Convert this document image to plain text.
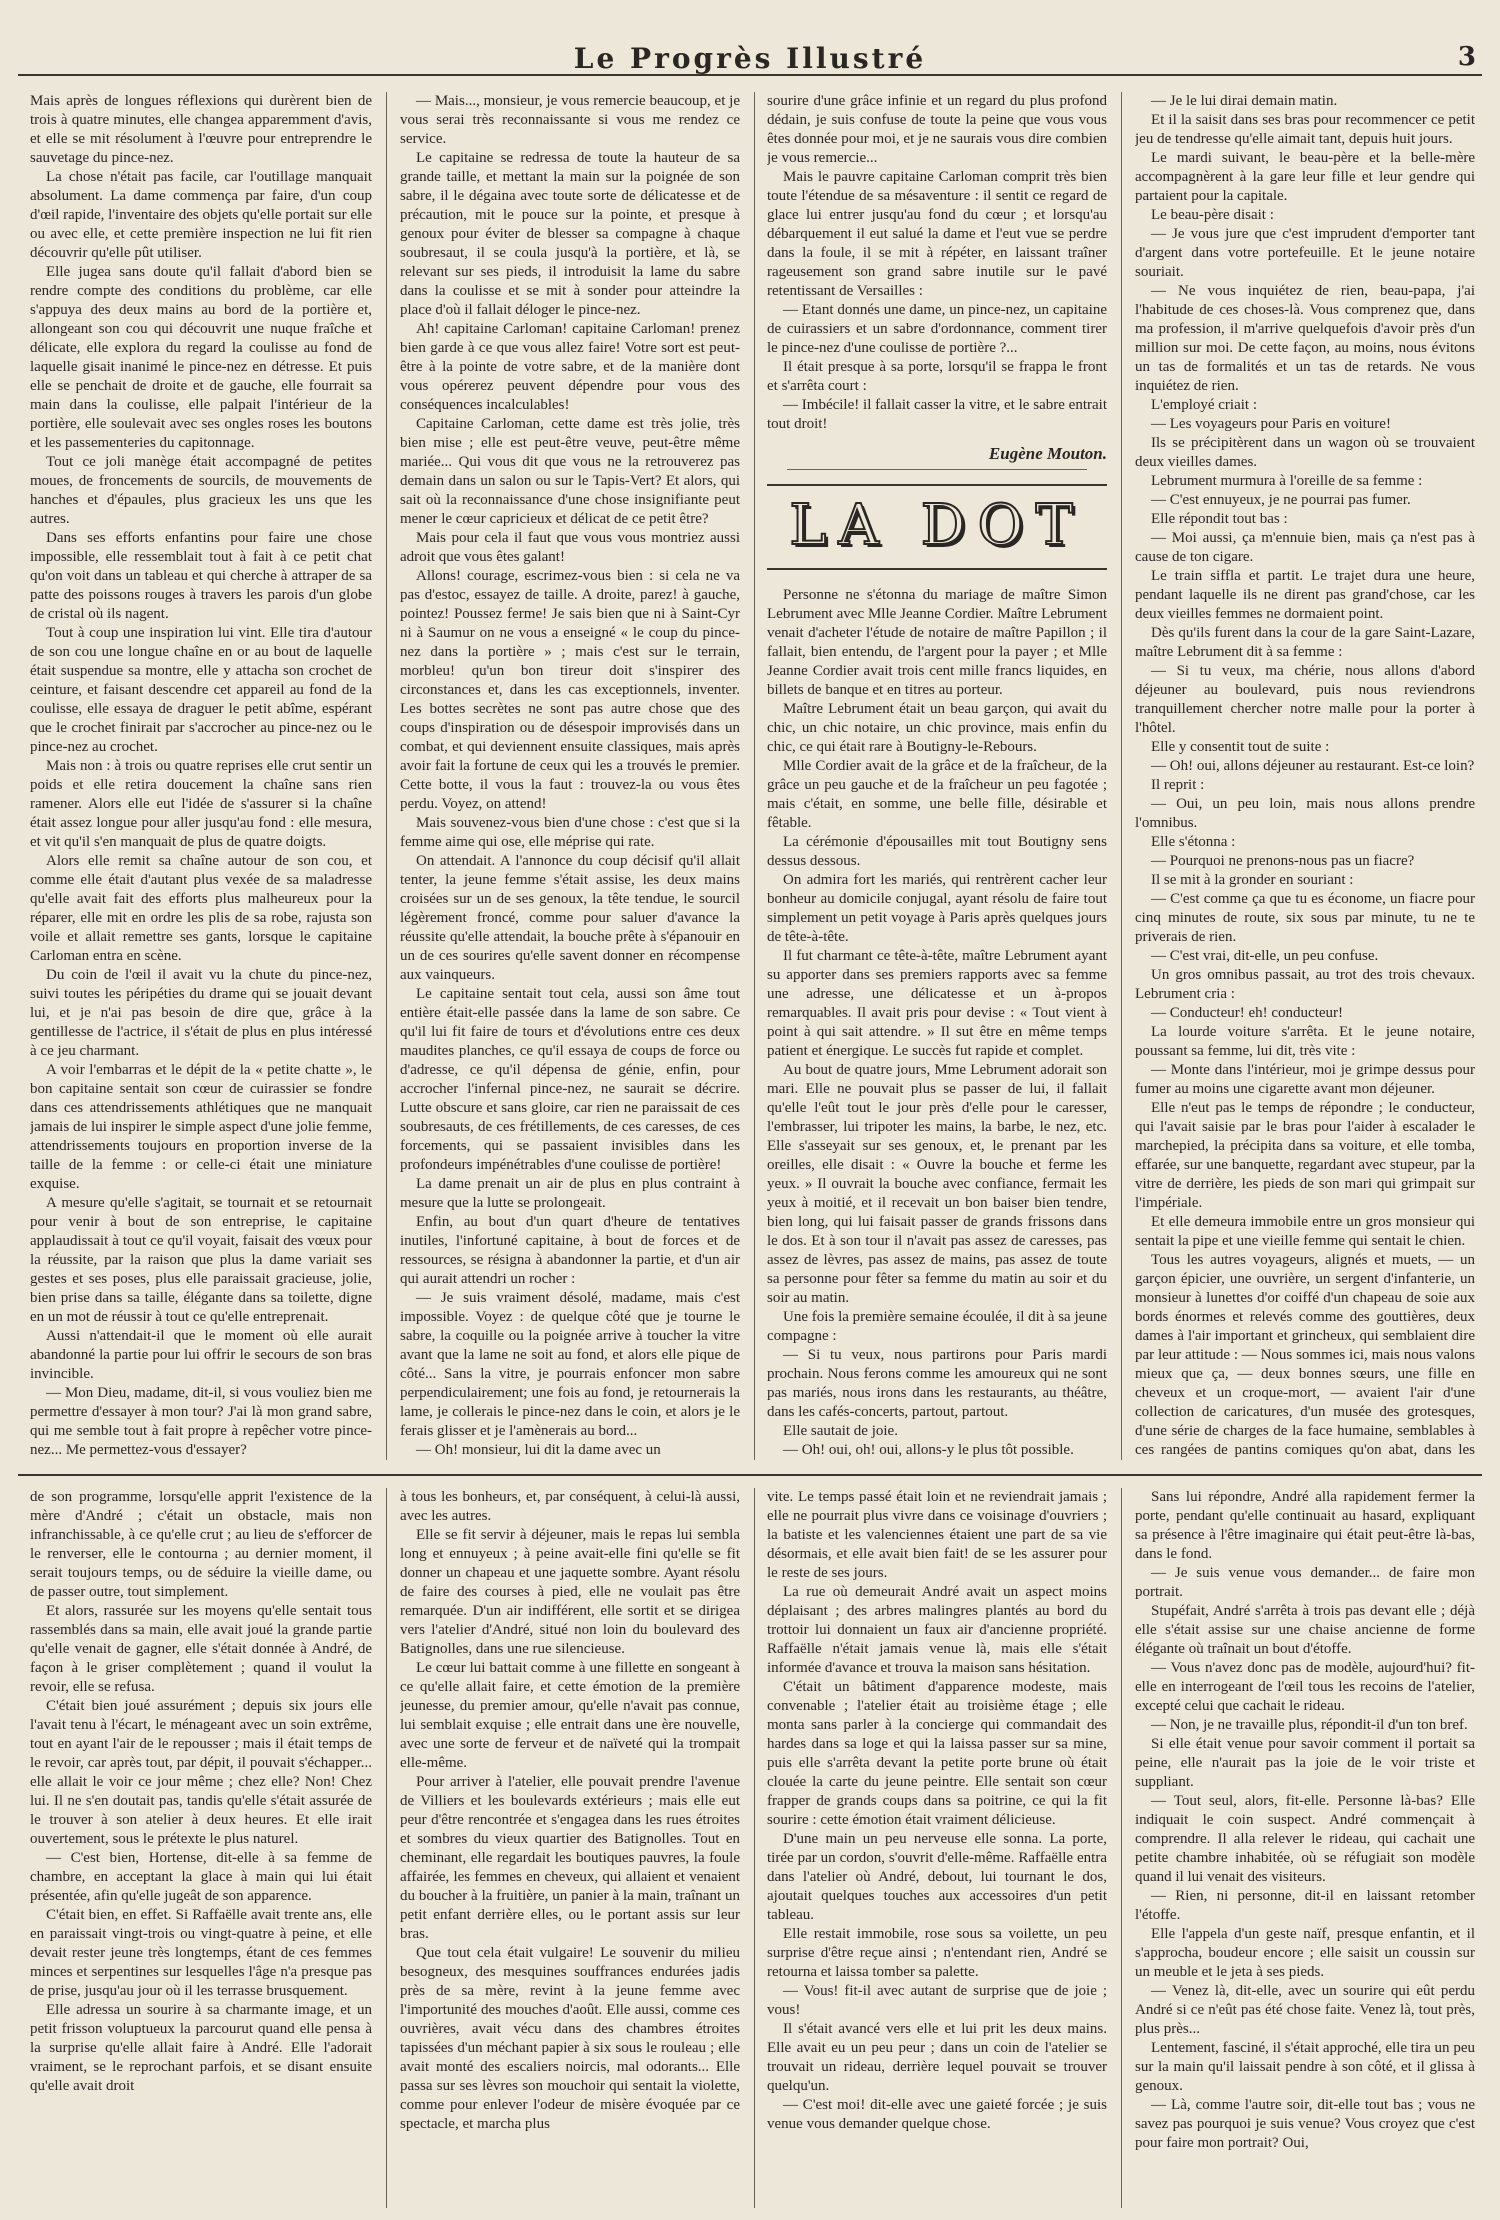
Le Progrès Illustré	3

Mais après de longues réflexions qui durèrent bien de trois à quatre minutes, elle changea apparemment d'avis, et elle se mit résolument à l'œuvre pour entreprendre le sauvetage du pince-nez.

La chose n'était pas facile, car l'outillage manquait absolument. La dame commença par faire, d'un coup d'œil rapide, l'inventaire des objets qu'elle portait sur elle ou avec elle, et cette première inspection ne lui fit rien découvrir qu'elle pût utiliser.

Elle jugea sans doute qu'il fallait d'abord bien se rendre compte des conditions du problème, car elle s'appuya des deux mains au bord de la portière et, allongeant son cou qui découvrit une nuque fraîche et délicate, elle explora du regard la coulisse au fond de laquelle gisait inanimé le pince-nez en détresse. Et puis elle se penchait de droite et de gauche, elle fourrait sa main dans la coulisse, elle palpait l'intérieur de la portière, elle soulevait avec ses ongles roses les boutons et les passementeries du capitonnage.

Tout ce joli manège était accompagné de petites moues, de froncements de sourcils, de mouvements de hanches et d'épaules, plus gracieux les uns que les autres.

Dans ses efforts enfantins pour faire une chose impossible, elle ressemblait tout à fait à ce petit chat qu'on voit dans un tableau et qui cherche à attraper de sa patte des poissons rouges à travers les parois d'un globe de cristal où ils nagent.

Tout à coup une inspiration lui vint. Elle tira d'autour de son cou une longue chaîne en or au bout de laquelle était suspendue sa montre, elle y attacha son crochet de ceinture, et faisant descendre cet appareil au fond de la coulisse, elle essaya de draguer le petit abîme, espérant que le crochet finirait par s'accrocher au pince-nez ou le pince-nez au crochet.

Mais non : à trois ou quatre reprises elle crut sentir un poids et elle retira doucement la chaîne sans rien ramener. Alors elle eut l'idée de s'assurer si la chaîne était assez longue pour aller jusqu'au fond : elle mesura, et vit qu'il s'en manquait de plus de quatre doigts.

Alors elle remit sa chaîne autour de son cou, et comme elle était d'autant plus vexée de sa maladresse qu'elle avait fait des efforts plus malheureux pour la réparer, elle mit en ordre les plis de sa robe, rajusta son voile et allait remettre ses gants, lorsque le capitaine Carloman entra en scène.

Du coin de l'œil il avait vu la chute du pince-nez, suivi toutes les péripéties du drame qui se jouait devant lui, et je n'ai pas besoin de dire que, grâce à la gentillesse de l'actrice, il s'était de plus en plus intéressé à ce jeu charmant.

A voir l'embarras et le dépit de la « petite chatte », le bon capitaine sentait son cœur de cuirassier se fondre dans ces attendrissements athlétiques que ne manquait jamais de lui inspirer le simple aspect d'une jolie femme, attendrissements toujours en proportion inverse de la taille de la femme : or celle-ci était une miniature exquise.

A mesure qu'elle s'agitait, se tournait et se retournait pour venir à bout de son entreprise, le capitaine applaudissait à tout ce qu'il voyait, faisait des vœux pour la réussite, par la raison que plus la dame variait ses gestes et ses poses, plus elle paraissait gracieuse, jolie, bien prise dans sa taille, élégante dans sa toilette, digne en un mot de réussir à tout ce qu'elle entreprenait.

Aussi n'attendait-il que le moment où elle aurait abandonné la partie pour lui offrir le secours de son bras invincible.

— Mon Dieu, madame, dit-il, si vous vouliez bien me permettre d'essayer à mon tour? J'ai là mon grand sabre, qui me semble tout à fait propre à repêcher votre pince-nez... Me permettez-vous d'essayer?

— Mais..., monsieur, je vous remercie beaucoup, et je vous serai très reconnaissante si vous me rendez ce service.

Le capitaine se redressa de toute la hauteur de sa grande taille, et mettant la main sur la poignée de son sabre, il le dégaina avec toute sorte de délicatesse et de précaution, mit le pouce sur la pointe, et presque à genoux pour éviter de blesser sa compagne à chaque soubresaut, il se coula jusqu'à la portière, et là, se relevant sur ses pieds, il introduisit la lame du sabre dans la coulisse et se mit à sonder pour atteindre la place d'où il fallait déloger le pince-nez.

Ah! capitaine Carloman! capitaine Carloman! prenez bien garde à ce que vous allez faire! Votre sort est peut-être à la pointe de votre sabre, et de la manière dont vous opérerez peuvent dépendre pour vous des conséquences incalculables!

Capitaine Carloman, cette dame est très jolie, très bien mise ; elle est peut-être veuve, peut-être même mariée... Qui vous dit que vous ne la retrouverez pas demain dans un salon ou sur le Tapis-Vert? Et alors, qui sait où la reconnaissance d'une chose insignifiante peut mener le cœur capricieux et délicat de ce petit être?

Mais pour cela il faut que vous vous montriez aussi adroit que vous êtes galant!

Allons! courage, escrimez-vous bien : si cela ne va pas d'estoc, essayez de taille. A droite, parez! à gauche, pointez! Poussez ferme! Je sais bien que ni à Saint-Cyr ni à Saumur on ne vous a enseigné « le coup du pince-nez dans la portière » ; mais c'est sur le terrain, morbleu! qu'un bon tireur doit s'inspirer des circonstances et, dans les cas exceptionnels, inventer. Les bottes secrètes ne sont pas autre chose que des coups d'inspiration ou de désespoir improvisés dans un combat, et qui deviennent ensuite classiques, mais après avoir fait la fortune de ceux qui les a trouvés le premier. Cette botte, il vous la faut : trouvez-la ou vous êtes perdu. Voyez, on attend!

Mais souvenez-vous bien d'une chose : c'est que si la femme aime qui ose, elle méprise qui rate.

On attendait. A l'annonce du coup décisif qu'il allait tenter, la jeune femme s'était assise, les deux mains croisées sur un de ses genoux, la tête tendue, le sourcil légèrement froncé, comme pour saluer d'avance la réussite qu'elle attendait, la bouche prête à s'épanouir en un de ces sourires qu'elle savent donner en récompense aux vainqueurs.

Le capitaine sentait tout cela, aussi son âme tout entière était-elle passée dans la lame de son sabre. Ce qu'il lui fit faire de tours et d'évolutions entre ces deux maudites planches, ce qu'il essaya de coups de force ou d'adresse, ce qu'il dépensa de génie, enfin, pour accrocher l'infernal pince-nez, ne saurait se décrire. Lutte obscure et sans gloire, car rien ne paraissait de ces soubresauts, de ces frétillements, de ces caresses, de ces forcements, qui se passaient invisibles dans les profondeurs impénétrables d'une coulisse de portière!

La dame prenait un air de plus en plus contraint à mesure que la lutte se prolongeait.

Enfin, au bout d'un quart d'heure de tentatives inutiles, l'infortuné capitaine, à bout de forces et de ressources, se résigna à abandonner la partie, et d'un air qui aurait attendri un rocher :

— Je suis vraiment désolé, madame, mais c'est impossible. Voyez : de quelque côté que je tourne le sabre, la coquille ou la poignée arrive à toucher la vitre avant que la lame ne soit au fond, et alors elle pique de côté... Sans la vitre, je pourrais enfoncer mon sabre perpendiculairement; une fois au fond, je retournerais la lame, je collerais le pince-nez dans le coin, et alors je le ferais glisser et je l'amènerais au bord...

— Oh! monsieur, lui dit la dame avec un

sourire d'une grâce infinie et un regard du plus profond dédain, je suis confuse de toute la peine que vous vous êtes donnée pour moi, et je ne saurais vous dire combien je vous remercie...

Mais le pauvre capitaine Carloman comprit très bien toute l'étendue de sa mésaventure : il sentit ce regard de glace lui entrer jusqu'au fond du cœur ; et lorsqu'au débarquement il eut salué la dame et l'eut vue se perdre dans la foule, il se mit à répéter, en laissant traîner rageusement son grand sabre inutile sur le pavé retentissant de Versailles :

— Etant donnés une dame, un pince-nez, un capitaine de cuirassiers et un sabre d'ordonnance, comment tirer le pince-nez d'une coulisse de portière ?...

Il était presque à sa porte, lorsqu'il se frappa le front et s'arrêta court :

— Imbécile! il fallait casser la vitre, et le sabre entrait tout droit!

Eugène Mouton.
LA DOT

Personne ne s'étonna du mariage de maître Simon Lebrument avec Mlle Jeanne Cordier. Maître Lebrument venait d'acheter l'étude de notaire de maître Papillon ; il fallait, bien entendu, de l'argent pour la payer ; et Mlle Jeanne Cordier avait trois cent mille francs liquides, en billets de banque et en titres au porteur.

Maître Lebrument était un beau garçon, qui avait du chic, un chic notaire, un chic province, mais enfin du chic, ce qui était rare à Boutigny-le-Rebours.

Mlle Cordier avait de la grâce et de la fraîcheur, de la grâce un peu gauche et de la fraîcheur un peu fagotée ; mais c'était, en somme, une belle fille, désirable et fêtable.

La cérémonie d'épousailles mit tout Boutigny sens dessus dessous.

On admira fort les mariés, qui rentrèrent cacher leur bonheur au domicile conjugal, ayant résolu de faire tout simplement un petit voyage à Paris après quelques jours de tête-à-tête.

Il fut charmant ce tête-à-tête, maître Lebrument ayant su apporter dans ses premiers rapports avec sa femme une adresse, une délicatesse et un à-propos remarquables. Il avait pris pour devise : « Tout vient à point à qui sait attendre. » Il sut être en même temps patient et énergique. Le succès fut rapide et complet.

Au bout de quatre jours, Mme Lebrument adorait son mari. Elle ne pouvait plus se passer de lui, il fallait qu'elle l'eût tout le jour près d'elle pour le caresser, l'embrasser, lui tripoter les mains, la barbe, le nez, etc. Elle s'asseyait sur ses genoux, et, le prenant par les oreilles, elle disait : « Ouvre la bouche et ferme les yeux. » Il ouvrait la bouche avec confiance, fermait les yeux à moitié, et il recevait un bon baiser bien tendre, bien long, qui lui faisait passer de grands frissons dans le dos. Et à son tour il n'avait pas assez de caresses, pas assez de lèvres, pas assez de mains, pas assez de toute sa personne pour fêter sa femme du matin au soir et du soir au matin.

Une fois la première semaine écoulée, il dit à sa jeune compagne :

— Si tu veux, nous partirons pour Paris mardi prochain. Nous ferons comme les amoureux qui ne sont pas mariés, nous irons dans les restaurants, au théâtre, dans les cafés-concerts, partout, partout.

Elle sautait de joie.

— Oh! oui, oh! oui, allons-y le plus tôt possible.

— Je le lui dirai demain matin.

Et il la saisit dans ses bras pour recommencer ce petit jeu de tendresse qu'elle aimait tant, depuis huit jours.

Le mardi suivant, le beau-père et la belle-mère accompagnèrent à la gare leur fille et leur gendre qui partaient pour la capitale.

Le beau-père disait :

— Je vous jure que c'est imprudent d'emporter tant d'argent dans votre portefeuille. Et le jeune notaire souriait.

— Ne vous inquiétez de rien, beau-papa, j'ai l'habitude de ces choses-là. Vous comprenez que, dans ma profession, il m'arrive quelquefois d'avoir près d'un million sur moi. De cette façon, au moins, nous évitons un tas de formalités et un tas de retards. Ne vous inquiétez de rien.

L'employé criait :

— Les voyageurs pour Paris en voiture!

Ils se précipitèrent dans un wagon où se trouvaient deux vieilles dames.

Lebrument murmura à l'oreille de sa femme :

— C'est ennuyeux, je ne pourrai pas fumer.

Elle répondit tout bas :

— Moi aussi, ça m'ennuie bien, mais ça n'est pas à cause de ton cigare.

Le train siffla et partit. Le trajet dura une heure, pendant laquelle ils ne dirent pas grand'chose, car les deux vieilles femmes ne dormaient point.

Dès qu'ils furent dans la cour de la gare Saint-Lazare, maître Lebrument dit à sa femme :

— Si tu veux, ma chérie, nous allons d'abord déjeuner au boulevard, puis nous reviendrons tranquillement chercher notre malle pour la porter à l'hôtel.

Elle y consentit tout de suite :

— Oh! oui, allons déjeuner au restaurant. Est-ce loin?

Il reprit :

— Oui, un peu loin, mais nous allons prendre l'omnibus.

Elle s'étonna :

— Pourquoi ne prenons-nous pas un fiacre?

Il se mit à la gronder en souriant :

— C'est comme ça que tu es économe, un fiacre pour cinq minutes de route, six sous par minute, tu ne te priverais de rien.

— C'est vrai, dit-elle, un peu confuse.

Un gros omnibus passait, au trot des trois chevaux. Lebrument cria :

— Conducteur! eh! conducteur!

La lourde voiture s'arrêta. Et le jeune notaire, poussant sa femme, lui dit, très vite :

— Monte dans l'intérieur, moi je grimpe dessus pour fumer au moins une cigarette avant mon déjeuner.

Elle n'eut pas le temps de répondre ; le conducteur, qui l'avait saisie par le bras pour l'aider à escalader le marchepied, la précipita dans sa voiture, et elle tomba, effarée, sur une banquette, regardant avec stupeur, par la vitre de derrière, les pieds de son mari qui grimpait sur l'impériale.

Et elle demeura immobile entre un gros monsieur qui sentait la pipe et une vieille femme qui sentait le chien.

Tous les autres voyageurs, alignés et muets, — un garçon épicier, une ouvrière, un sergent d'infanterie, un monsieur à lunettes d'or coiffé d'un chapeau de soie aux bords énormes et relevés comme des gouttières, deux dames à l'air important et grincheux, qui semblaient dire par leur attitude : — Nous sommes ici, mais nous valons mieux que ça, — deux bonnes sœurs, une fille en cheveux et un croque-mort, — avaient l'air d'une collection de caricatures, d'un musée des grotesques, d'une série de charges de la face humaine, semblables à ces rangées de pantins comiques qu'on abat, dans les

de son programme, lorsqu'elle apprit l'existence de la mère d'André ; c'était un obstacle, mais non infranchissable, à ce qu'elle crut ; au lieu de s'efforcer de le renverser, elle le contourna ; au dernier moment, il serait toujours temps, ou de séduire la vieille dame, ou de passer outre, tout simplement.

Et alors, rassurée sur les moyens qu'elle sentait tous rassemblés dans sa main, elle avait joué la grande partie qu'elle venait de gagner, elle s'était donnée à André, de façon à le griser complètement ; quand il voulut la revoir, elle se refusa.

C'était bien joué assurément ; depuis six jours elle l'avait tenu à l'écart, le ménageant avec un soin extrême, tout en ayant l'air de le repousser ; mais il était temps de le revoir, car après tout, par dépit, il pouvait s'échapper... elle allait le voir ce jour même ; chez elle? Non! Chez lui. Il ne s'en doutait pas, tandis qu'elle s'était assurée de le trouver à son atelier à deux heures. Et elle irait ouvertement, sous le prétexte le plus naturel.

— C'est bien, Hortense, dit-elle à sa femme de chambre, en acceptant la glace à main qui lui était présentée, afin qu'elle jugeât de son apparence.

C'était bien, en effet. Si Raffaëlle avait trente ans, elle en paraissait vingt-trois ou vingt-quatre à peine, et elle devait rester jeune très longtemps, étant de ces femmes minces et serpentines sur lesquelles l'âge n'a presque pas de prise, jusqu'au jour où il les terrasse brusquement.

Elle adressa un sourire à sa charmante image, et un petit frisson voluptueux la parcourut quand elle pensa à la surprise qu'elle allait faire à André. Elle l'adorait vraiment, se le reprochant parfois, et se disant ensuite qu'elle avait droit

à tous les bonheurs, et, par conséquent, à celui-là aussi, avec les autres.

Elle se fit servir à déjeuner, mais le repas lui sembla long et ennuyeux ; à peine avait-elle fini qu'elle se fit donner un chapeau et une jaquette sombre. Ayant résolu de faire des courses à pied, elle ne voulait pas être remarquée. D'un air indifférent, elle sortit et se dirigea vers l'atelier d'André, situé non loin du boulevard des Batignolles, dans une rue silencieuse.

Le cœur lui battait comme à une fillette en songeant à ce qu'elle allait faire, et cette émotion de la première jeunesse, du premier amour, qu'elle n'avait pas connue, lui semblait exquise ; elle entrait dans une ère nouvelle, avec une sorte de ferveur et de naïveté qui la trompait elle-même.

Pour arriver à l'atelier, elle pouvait prendre l'avenue de Villiers et les boulevards extérieurs ; mais elle eut peur d'être rencontrée et s'engagea dans les rues étroites et sombres du vieux quartier des Batignolles. Tout en cheminant, elle regardait les boutiques pauvres, la foule affairée, les femmes en cheveux, qui allaient et venaient du boucher à la fruitière, un panier à la main, traînant un petit enfant derrière elles, ou le portant assis sur leur bras.

Que tout cela était vulgaire! Le souvenir du milieu besogneux, des mesquines souffrances endurées jadis près de sa mère, revint à la jeune femme avec l'importunité des mouches d'août. Elle aussi, comme ces ouvrières, avait vécu dans des chambres étroites tapissées d'un méchant papier à six sous le rouleau ; elle avait monté des escaliers noircis, mal odorants... Elle passa sur ses lèvres son mouchoir qui sentait la violette, comme pour enlever l'odeur de misère évoquée par ce spectacle, et marcha plus

vite. Le temps passé était loin et ne reviendrait jamais ; elle ne pourrait plus vivre dans ce voisinage d'ouvriers ; la batiste et les valenciennes étaient une part de sa vie désormais, et elle avait bien fait! de se les assurer pour le reste de ses jours.

La rue où demeurait André avait un aspect moins déplaisant ; des arbres malingres plantés au bord du trottoir lui donnaient un faux air d'ancienne propriété. Raffaëlle n'était jamais venue là, mais elle s'était informée d'avance et trouva la maison sans hésitation.

C'était un bâtiment d'apparence modeste, mais convenable ; l'atelier était au troisième étage ; elle monta sans parler à la concierge qui commandait des hardes dans sa loge et qui la laissa passer sur sa mine, puis elle s'arrêta devant la petite porte brune où était clouée la carte du jeune peintre. Elle sentait son cœur frapper de grands coups dans sa poitrine, ce qui la fit sourire : cette émotion était vraiment délicieuse.

D'une main un peu nerveuse elle sonna. La porte, tirée par un cordon, s'ouvrit d'elle-même. Raffaëlle entra dans l'atelier où André, debout, lui tournant le dos, ajoutait quelques touches aux accessoires d'un petit tableau.

Elle restait immobile, rose sous sa voilette, un peu surprise d'être reçue ainsi ; n'entendant rien, André se retourna et laissa tomber sa palette.

— Vous! fit-il avec autant de surprise que de joie ; vous!

Il s'était avancé vers elle et lui prit les deux mains. Elle avait eu un peu peur ; dans un coin de l'atelier se trouvait un rideau, derrière lequel pouvait se trouver quelqu'un.

— C'est moi! dit-elle avec une gaieté forcée ; je suis venue vous demander quelque chose.

Sans lui répondre, André alla rapidement fermer la porte, pendant qu'elle continuait au hasard, expliquant sa présence à l'être imaginaire qui était peut-être là-bas, dans le fond.

— Je suis venue vous demander... de faire mon portrait.

Stupéfait, André s'arrêta à trois pas devant elle ; déjà elle s'était assise sur une chaise ancienne de forme élégante où traînait un bout d'étoffe.

— Vous n'avez donc pas de modèle, aujourd'hui? fit-elle en interrogeant de l'œil tous les recoins de l'atelier, excepté celui que cachait le rideau.

— Non, je ne travaille plus, répondit-il d'un ton bref.

Si elle était venue pour savoir comment il portait sa peine, elle n'aurait pas la joie de le voir triste et suppliant.

— Tout seul, alors, fit-elle. Personne là-bas? Elle indiquait le coin suspect. André commençait à comprendre. Il alla relever le rideau, qui cachait une petite chambre inhabitée, où se réfugiait son modèle quand il lui venait des visiteurs.

— Rien, ni personne, dit-il en laissant retomber l'étoffe.

Elle l'appela d'un geste naïf, presque enfantin, et il s'approcha, boudeur encore ; elle saisit un coussin sur un meuble et le jeta à ses pieds.

— Venez là, dit-elle, avec un sourire qui eût perdu André si ce n'eût pas été chose faite. Venez là, tout près, plus près...

Lentement, fasciné, il s'était approché, elle tira un peu sur la main qu'il laissait pendre à son côté, et il glissa à genoux.

— Là, comme l'autre soir, dit-elle tout bas ; vous ne savez pas pourquoi je suis venue? Vous croyez que c'est pour faire mon portrait? Oui,
